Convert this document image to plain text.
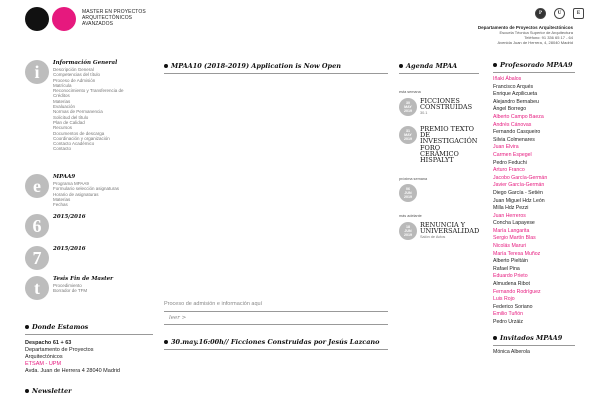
MASTER EN PROYECTOS
ARQUITECTÓNICOS
AVANZADOS
P	U	E
Departamento de Proyectos Arquitectónicos
Escuela Técnica Superior de Arquitectura
Teléfono: 91 336 65 17 - 64
Avenida Juan de Herrera, 4, 28040 Madrid
i	Información General
Descripción General
Competencias del título
Proceso de Admisión
Matrícula
Reconocimiento y Transferencia de
Créditos
Materias
Evaluación
Normas de Permanencia
Solicitud del título
Plan de Calidad
Recursos
Documentos de descarga
Coordinación y organización
Contacto Académico
Contacto
e	MPAA9
Programa MPAA9
Formulario selección asignaturas
Horario de asignaturas
Materias
Fechas
6	2015/2016
7	2015/2016
t	Tesis Fin de Master
Procedimiento
Borrador de TFM
Donde Estamos
Despacho 61 + 63
Departamento de Proyectos
Arquitectónicos
ETSAM - UPM
Avda. Juan de Herrera 4 28040 Madrid
Newsletter
MPAA10 (2018-2019) Application is Now Open
Proceso de admisión e información aquí
leer >
30.may.16:00h// Ficciones Construidas por Jesús Lazcano
Agenda MPAA
esta semana
30
MAY
2019
FICCIONES CONSTRUIDAS
30.1
31
MAY
2019
PREMIO TEXTO DE INVESTIGACIÓN FORO CERÁMICO HISPALYT
próxima semana
06
JUN
2019
más adelante
18
JUN
2019
RENUNCIA Y UNIVERSALIDAD
Salón de Actos
Profesorado MPAA9
Iñaki Ábalos
Francisco Arqués
Enrique Azpilicueta
Alejandro Bernabeu
Ángel Borrego
Alberto Campo Baeza
Andrés Cánovas
Fernando Casqueiro
Silvia Colmenares
Juan Elvira
Carmen Espegel
Pedro Feduchi
Arturo Franco
Jacobo García-Germán
Javier García-Germán
Diego García - Setién
Juan Miguel Hdz León
Milla Hdz Pezzi
Juan Herreros
Concha Lapayese
María Langarita
Sergio Martín Blas
Nicolás Maruri
María Teresa Muñoz
Alberto Pieltáin
Rafael Pina
Eduardo Prieto
Almudena Ribot
Fernando Rodríguez
Luis Rojo
Federico Soriano
Emilio Tuñón
Pedro Urzáiz
Invitados MPAA9
Mónica Alberola
